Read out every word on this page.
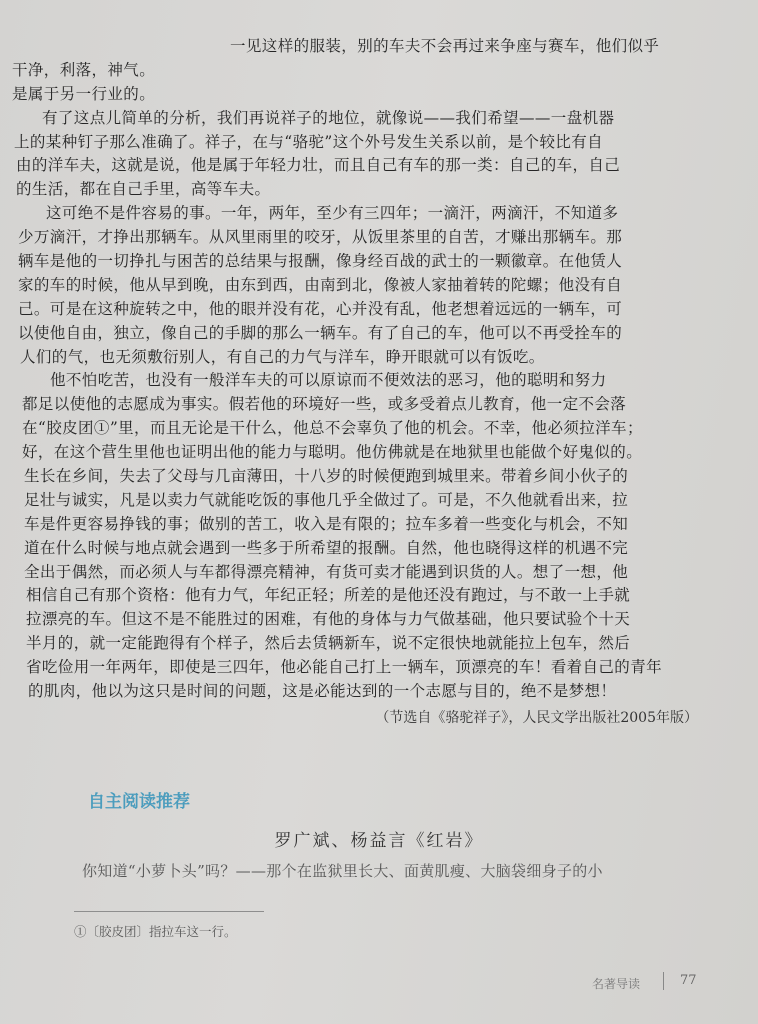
一见这样的服装，别的车夫不会再过来争座与赛车，他们似乎
干净，利落，神气。
是属于另一行业的。
有了这点儿简单的分析，我们再说祥子的地位，就像说——我们希望——一盘机器
上的某种钉子那么准确了。祥子，在与“骆驼”这个外号发生关系以前，是个较比有自
由的洋车夫，这就是说，他是属于年轻力壮，而且自己有车的那一类：自己的车，自己
的生活，都在自己手里，高等车夫。
这可绝不是件容易的事。一年，两年，至少有三四年；一滴汗，两滴汗，不知道多
少万滴汗，才挣出那辆车。从风里雨里的咬牙，从饭里茶里的自苦，才赚出那辆车。那
辆车是他的一切挣扎与困苦的总结果与报酬，像身经百战的武士的一颗徽章。在他赁人
家的车的时候，他从早到晚，由东到西，由南到北，像被人家抽着转的陀螺；他没有自
己。可是在这种旋转之中，他的眼并没有花，心并没有乱，他老想着远远的一辆车，可
以使他自由，独立，像自己的手脚的那么一辆车。有了自己的车，他可以不再受拴车的
人们的气，也无须敷衍别人，有自己的力气与洋车，睁开眼就可以有饭吃。
他不怕吃苦，也没有一般洋车夫的可以原谅而不便效法的恶习，他的聪明和努力
都足以使他的志愿成为事实。假若他的环境好一些，或多受着点儿教育，他一定不会落
在“胶皮团①”里，而且无论是干什么，他总不会辜负了他的机会。不幸，他必须拉洋车；
好，在这个营生里他也证明出他的能力与聪明。他仿佛就是在地狱里也能做个好鬼似的。
生长在乡间，失去了父母与几亩薄田，十八岁的时候便跑到城里来。带着乡间小伙子的
足壮与诚实，凡是以卖力气就能吃饭的事他几乎全做过了。可是，不久他就看出来，拉
车是件更容易挣钱的事；做别的苦工，收入是有限的；拉车多着一些变化与机会，不知
道在什么时候与地点就会遇到一些多于所希望的报酬。自然，他也晓得这样的机遇不完
全出于偶然，而必须人与车都得漂亮精神，有货可卖才能遇到识货的人。想了一想，他
相信自己有那个资格：他有力气，年纪正轻；所差的是他还没有跑过，与不敢一上手就
拉漂亮的车。但这不是不能胜过的困难，有他的身体与力气做基础，他只要试验个十天
半月的，就一定能跑得有个样子，然后去赁辆新车，说不定很快地就能拉上包车，然后
省吃俭用一年两年，即使是三四年，他必能自己打上一辆车，顶漂亮的车！看着自己的青年
的肌肉，他以为这只是时间的问题，这是必能达到的一个志愿与目的，绝不是梦想！
（节选自《骆驼祥子》，人民文学出版社2005年版）
自主阅读推荐
罗广斌、杨益言《红岩》
你知道“小萝卜头”吗？——那个在监狱里长大、面黄肌瘦、大脑袋细身子的小
①〔胶皮团〕指拉车这一行。
名著导读	77
